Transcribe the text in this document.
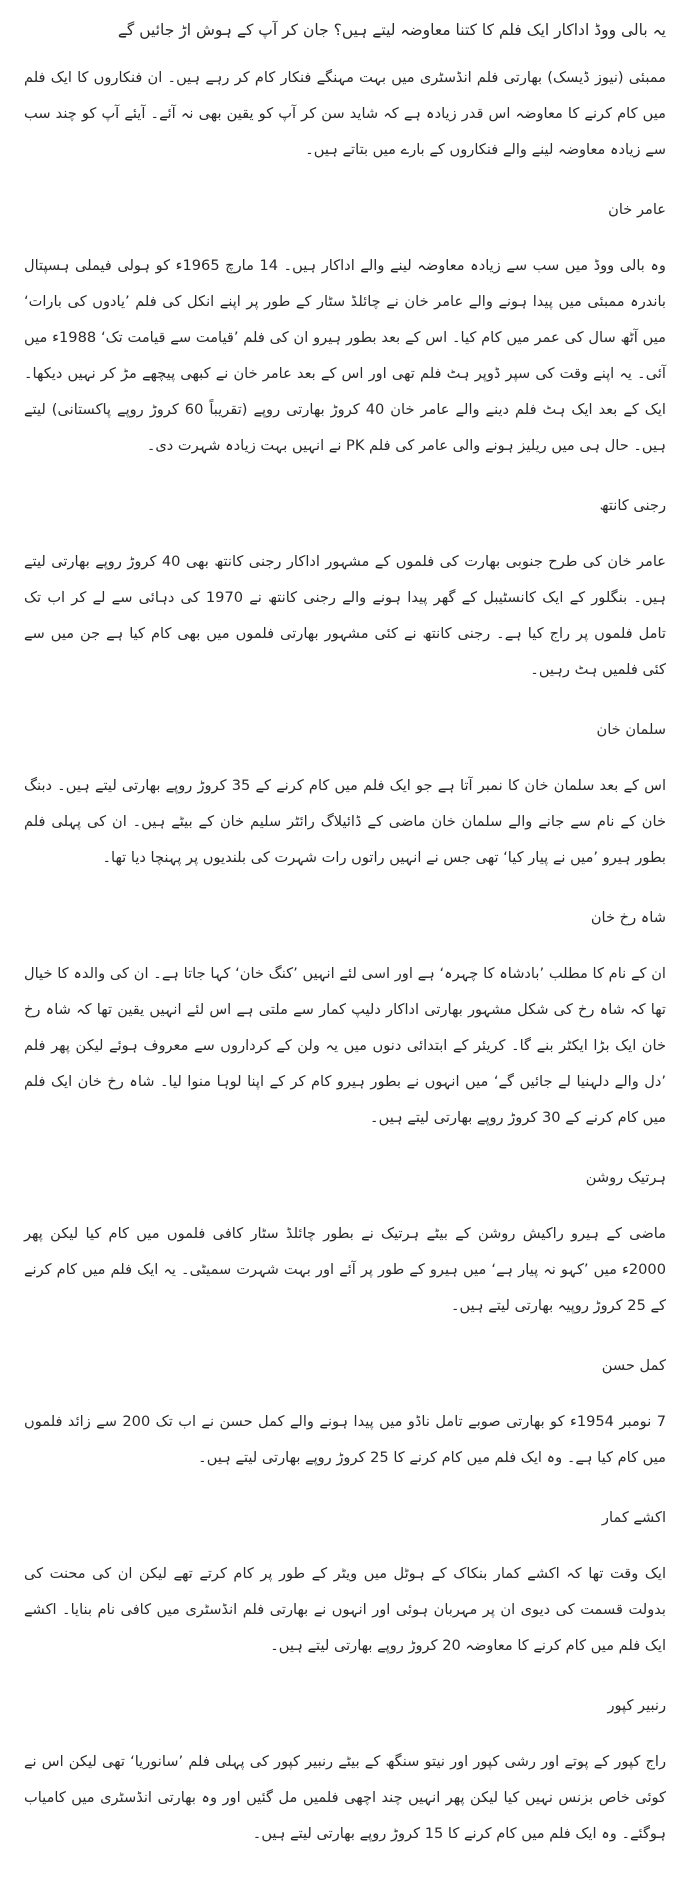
یہ بالی ووڈ اداکار ایک فلم کا کتنا معاوضہ لیتے ہیں؟ جان کر آپ کے ہوش اڑ جائیں گے

ممبئی (نیوز ڈیسک) بھارتی فلم انڈسٹری میں بہت مہنگے فنکار کام کر رہے ہیں۔ ان فنکاروں کا ایک فلم میں کام کرنے کا معاوضہ اس قدر زیادہ ہے کہ شاید سن کر آپ کو یقین بھی نہ آئے۔ آیئے آپ کو چند سب سے زیادہ معاوضہ لینے والے فنکاروں کے بارے میں بتاتے ہیں۔

عامر خان

وہ بالی ووڈ میں سب سے زیادہ معاوضہ لینے والے اداکار ہیں۔ 14 مارچ 1965ء کو ہولی فیملی ہسپتال باندرہ ممبئی میں پیدا ہونے والے عامر خان نے چائلڈ سٹار کے طور پر اپنے انکل کی فلم ’یادوں کی بارات‘ میں آٹھ سال کی عمر میں کام کیا۔ اس کے بعد بطور ہیرو ان کی فلم ’قیامت سے قیامت تک‘ 1988ء میں آئی۔ یہ اپنے وقت کی سپر ڈوپر ہٹ فلم تھی اور اس کے بعد عامر خان نے کبھی پیچھے مڑ کر نہیں دیکھا۔ ایک کے بعد ایک ہٹ فلم دینے والے عامر خان 40 کروڑ بھارتی روپے (تقریباً 60 کروڑ روپے پاکستانی) لیتے ہیں۔ حال ہی میں ریلیز ہونے والی عامر کی فلم PK نے انہیں بہت زیادہ شہرت دی۔

رجنی کانتھ

عامر خان کی طرح جنوبی بھارت کی فلموں کے مشہور اداکار رجنی کانتھ بھی 40 کروڑ روپے بھارتی لیتے ہیں۔ بنگلور کے ایک کانسٹیبل کے گھر پیدا ہونے والے رجنی کانتھ نے 1970 کی دہائی سے لے کر اب تک تامل فلموں پر راج کیا ہے۔ رجنی کانتھ نے کئی مشہور بھارتی فلموں میں بھی کام کیا ہے جن میں سے کئی فلمیں ہٹ رہیں۔

سلمان خان

اس کے بعد سلمان خان کا نمبر آتا ہے جو ایک فلم میں کام کرنے کے 35 کروڑ روپے بھارتی لیتے ہیں۔ دبنگ خان کے نام سے جانے والے سلمان خان ماضی کے ڈائیلاگ رائٹر سلیم خان کے بیٹے ہیں۔ ان کی پہلی فلم بطور ہیرو ’میں نے پیار کیا‘ تھی جس نے انہیں راتوں رات شہرت کی بلندیوں پر پہنچا دیا تھا۔

شاہ رخ خان

ان کے نام کا مطلب ’بادشاہ کا چہرہ‘ ہے اور اسی لئے انہیں ’کنگ خان‘ کہا جاتا ہے۔ ان کی والدہ کا خیال تھا کہ شاہ رخ کی شکل مشہور بھارتی اداکار دلیپ کمار سے ملتی ہے اس لئے انہیں یقین تھا کہ شاہ رخ خان ایک بڑا ایکٹر بنے گا۔ کریئر کے ابتدائی دنوں میں یہ ولن کے کرداروں سے معروف ہوئے لیکن پھر فلم ’دل والے دلہنیا لے جائیں گے‘ میں انہوں نے بطور ہیرو کام کر کے اپنا لوہا منوا لیا۔ شاہ رخ خان ایک فلم میں کام کرنے کے 30 کروڑ روپے بھارتی لیتے ہیں۔

ہرتیک روشن

ماضی کے ہیرو راکیش روشن کے بیٹے ہرتیک نے بطور چائلڈ سٹار کافی فلموں میں کام کیا لیکن پھر 2000ء میں ’کہو نہ پیار ہے‘ میں ہیرو کے طور پر آئے اور بہت شہرت سمیٹی۔ یہ ایک فلم میں کام کرنے کے 25 کروڑ روپیہ بھارتی لیتے ہیں۔

کمل حسن

7 نومبر 1954ء کو بھارتی صوبے تامل ناڈو میں پیدا ہونے والے کمل حسن نے اب تک 200 سے زائد فلموں میں کام کیا ہے۔ وہ ایک فلم میں کام کرنے کا 25 کروڑ روپے بھارتی لیتے ہیں۔

اکشے کمار

ایک وقت تھا کہ اکشے کمار بنکاک کے ہوٹل میں ویٹر کے طور پر کام کرتے تھے لیکن ان کی محنت کی بدولت قسمت کی دیوی ان پر مہربان ہوئی اور انہوں نے بھارتی فلم انڈسٹری میں کافی نام بنایا۔ اکشے ایک فلم میں کام کرنے کا معاوضہ 20 کروڑ روپے بھارتی لیتے ہیں۔

رنبیر کپور

راج کپور کے پوتے اور رشی کپور اور نیتو سنگھ کے بیٹے رنبیر کپور کی پہلی فلم ’سانوریا‘ تھی لیکن اس نے کوئی خاص بزنس نہیں کیا لیکن پھر انہیں چند اچھی فلمیں مل گئیں اور وہ بھارتی انڈسٹری میں کامیاب ہوگئے۔ وہ ایک فلم میں کام کرنے کا 15 کروڑ روپے بھارتی لیتے ہیں۔
